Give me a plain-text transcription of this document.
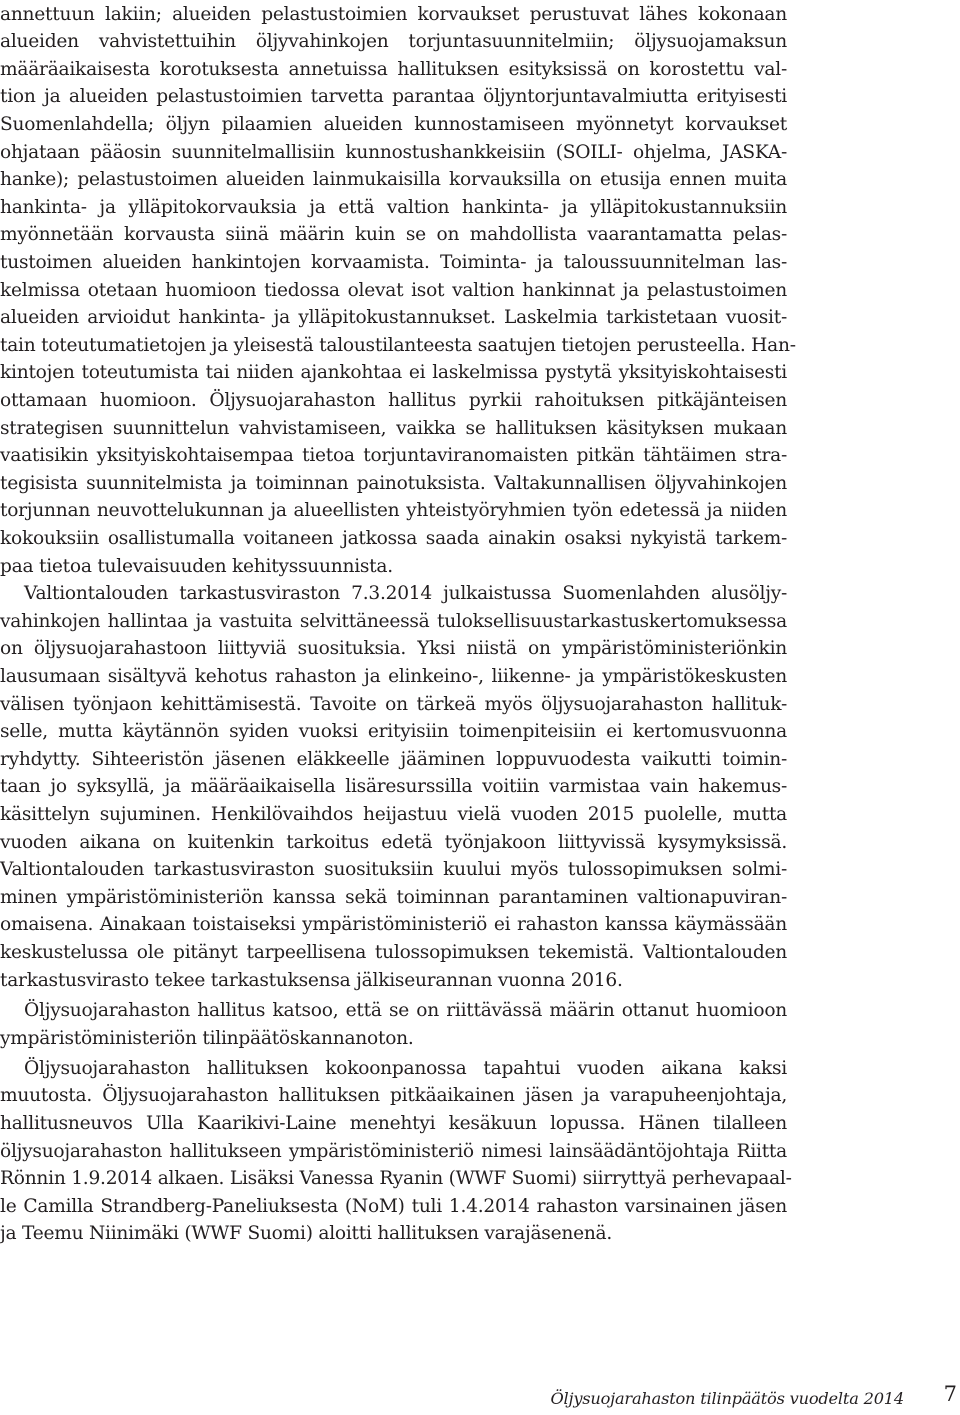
annettuun lakiin; alueiden pelastustoimien korvaukset perustuvat lähes kokonaan
alueiden vahvistettuihin öljyvahinkojen torjuntasuunnitelmiin; öljysuojamaksun
määräaikaisesta korotuksesta annetuissa hallituksen esityksissä on korostettu val-
tion ja alueiden pelastustoimien tarvetta parantaa öljyntorjuntavalmiutta erityisesti
Suomenlahdella; öljyn pilaamien alueiden kunnostamiseen myönnetyt korvaukset
ohjataan pääosin suunnitelmallisiin kunnostushankkeisiin (SOILI- ohjelma, JASKA-
hanke); pelastustoimen alueiden lainmukaisilla korvauksilla on etusija ennen muita
hankinta- ja ylläpitokorvauksia ja että valtion hankinta- ja ylläpitokustannuksiin
myönnetään korvausta siinä määrin kuin se on mahdollista vaarantamatta pelas-
tustoimen alueiden hankintojen korvaamista. Toiminta- ja taloussuunnitelman las-
kelmissa otetaan huomioon tiedossa olevat isot valtion hankinnat ja pelastustoimen
alueiden arvioidut hankinta- ja ylläpitokustannukset. Laskelmia tarkistetaan vuosit-
tain toteutumatietojen ja yleisestä taloustilanteesta saatujen tietojen perusteella. Han-
kintojen toteutumista tai niiden ajankohtaa ei laskelmissa pystytä yksityiskohtaisesti
ottamaan huomioon. Öljysuojarahaston hallitus pyrkii rahoituksen pitkäjänteisen
strategisen suunnittelun vahvistamiseen, vaikka se hallituksen käsityksen mukaan
vaatisikin yksityiskohtaisempaa tietoa torjuntaviranomaisten pitkän tähtäimen stra-
tegisista suunnitelmista ja toiminnan painotuksista. Valtakunnallisen öljyvahinkojen
torjunnan neuvottelukunnan ja alueellisten yhteistyöryhmien työn edetessä ja niiden
kokouksiin osallistumalla voitaneen jatkossa saada ainakin osaksi nykyistä tarkem-
paa tietoa tulevaisuuden kehityssuunnista.
Valtiontalouden tarkastusviraston 7.3.2014 julkaistussa Suomenlahden alusöljy-
vahinkojen hallintaa ja vastuita selvittäneessä tuloksellisuustarkastuskertomuksessa
on öljysuojarahastoon liittyviä suosituksia. Yksi niistä on ympäristöministeriönkin
lausumaan sisältyvä kehotus rahaston ja elinkeino-, liikenne- ja ympäristökeskusten
välisen työnjaon kehittämisestä. Tavoite on tärkeä myös öljysuojarahaston hallituk-
selle, mutta käytännön syiden vuoksi erityisiin toimenpiteisiin ei kertomusvuonna
ryhdytty. Sihteeristön jäsenen eläkkeelle jääminen loppuvuodesta vaikutti toimin-
taan jo syksyllä, ja määräaikaisella lisäresurssilla voitiin varmistaa vain hakemus-
käsittelyn sujuminen. Henkilövaihdos heijastuu vielä vuoden 2015 puolelle, mutta
vuoden aikana on kuitenkin tarkoitus edetä työnjakoon liittyvissä kysymyksissä.
Valtiontalouden tarkastusviraston suosituksiin kuului myös tulossopimuksen solmi-
minen ympäristöministeriön kanssa sekä toiminnan parantaminen valtionapuviran-
omaisena. Ainakaan toistaiseksi ympäristöministeriö ei rahaston kanssa käymässään
keskustelussa ole pitänyt tarpeellisena tulossopimuksen tekemistä. Valtiontalouden
tarkastusvirasto tekee tarkastuksensa jälkiseurannan vuonna 2016.
Öljysuojarahaston hallitus katsoo, että se on riittävässä määrin ottanut huomioon
ympäristöministeriön tilinpäätöskannanoton.
Öljysuojarahaston hallituksen kokoonpanossa tapahtui vuoden aikana kaksi
muutosta. Öljysuojarahaston hallituksen pitkäaikainen jäsen ja varapuheenjohtaja,
hallitusneuvos Ulla Kaarikivi-Laine menehtyi kesäkuun lopussa. Hänen tilalleen
öljysuojarahaston hallitukseen ympäristöministeriö nimesi lainsäädäntöjohtaja Riitta
Rönnin 1.9.2014 alkaen. Lisäksi Vanessa Ryanin (WWF Suomi) siirryttyä perhevapaal-
le Camilla Strandberg-Paneliuksesta (NoM) tuli 1.4.2014 rahaston varsinainen jäsen
ja Teemu Niinimäki (WWF Suomi) aloitti hallituksen varajäsenenä.
Öljysuojarahaston tilinpäätös vuodelta 2014 7
